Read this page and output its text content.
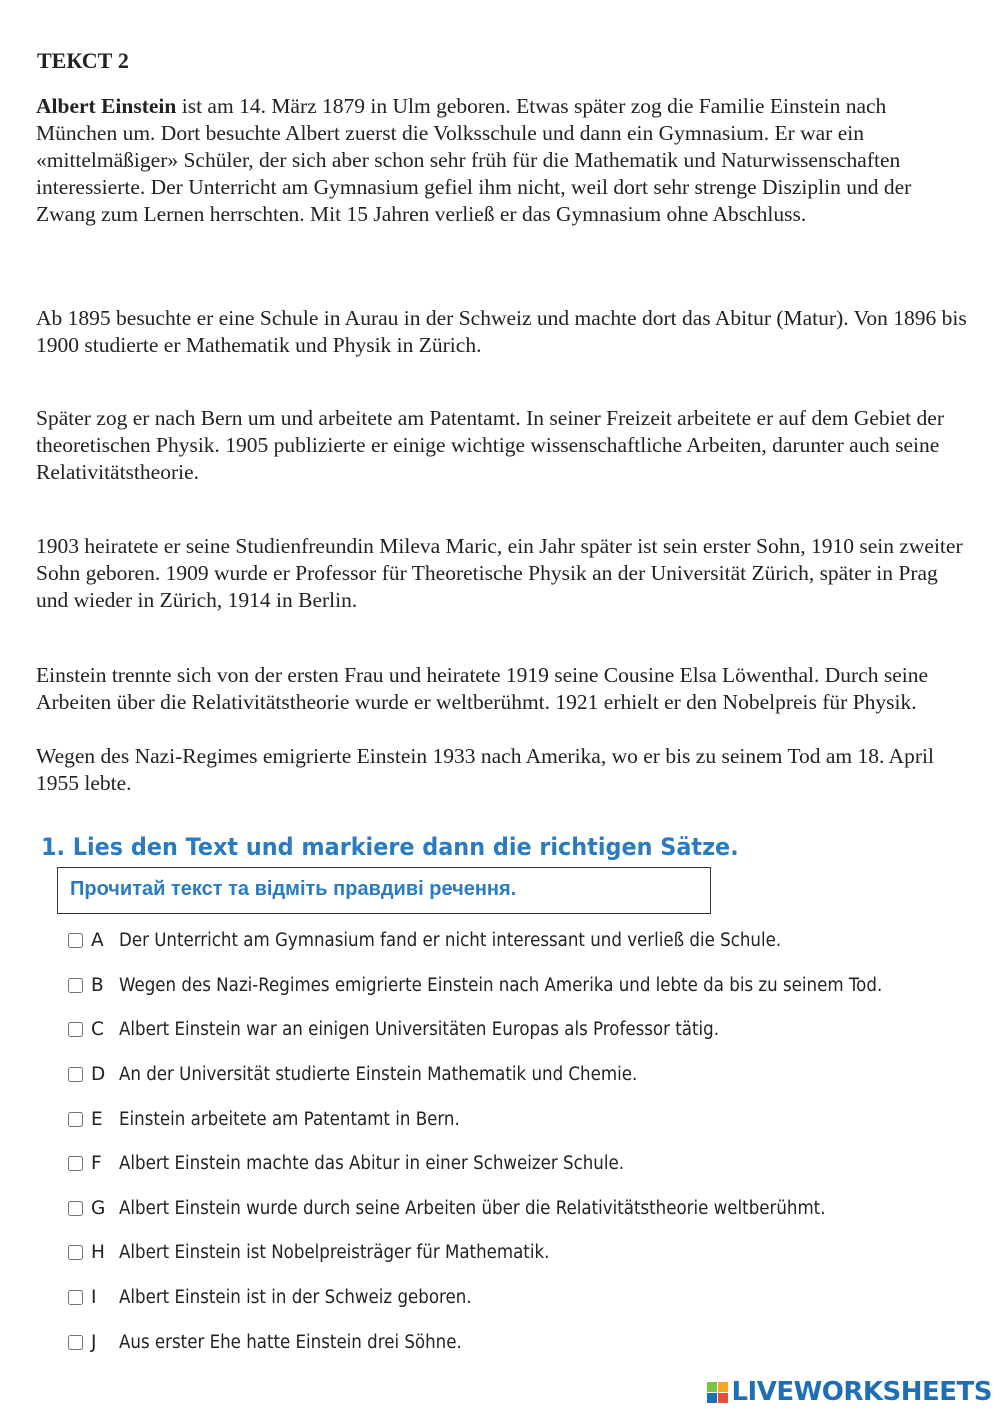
ТЕКСТ 2

Albert Einstein ist am 14. März 1879 in Ulm geboren. Etwas später zog die Familie Einstein nach München um. Dort besuchte Albert zuerst die Volksschule und dann ein Gymnasium. Er war ein «mittelmäßiger» Schüler, der sich aber schon sehr früh für die Mathematik und Naturwissenschaften interessierte. Der Unterricht am Gymnasium gefiel ihm nicht, weil dort sehr strenge Disziplin und der Zwang zum Lernen herrschten. Mit 15 Jahren verließ er das Gymnasium ohne Abschluss.

Ab 1895 besuchte er eine Schule in Aurau in der Schweiz und machte dort das Abitur (Matur). Von 1896 bis 1900 studierte er Mathematik und Physik in Zürich.

Später zog er nach Bern um und arbeitete am Patentamt. In seiner Freizeit arbeitete er auf dem Gebiet der theoretischen Physik. 1905 publizierte er einige wichtige wissenschaftliche Arbeiten, darunter auch seine Relativitätstheorie.

1903 heiratete er seine Studienfreundin Mileva Maric, ein Jahr später ist sein erster Sohn, 1910 sein zweiter Sohn geboren. 1909 wurde er Professor für Theoretische Physik an der Universität Zürich, später in Prag und wieder in Zürich, 1914 in Berlin.

Einstein trennte sich von der ersten Frau und heiratete 1919 seine Cousine Elsa Löwenthal. Durch seine Arbeiten über die Relativitätstheorie wurde er weltberühmt. 1921 erhielt er den Nobelpreis für Physik.

Wegen des Nazi-Regimes emigrierte Einstein 1933 nach Amerika, wo er bis zu seinem Tod am 18. April 1955 lebte.

1. Lies den Text und markiere dann die richtigen Sätze.
Прочитай текст та відміть правдиві речення.
A Der Unterricht am Gymnasium fand er nicht interessant und verließ die Schule.
B Wegen des Nazi-Regimes emigrierte Einstein nach Amerika und lebte da bis zu seinem Tod.
C Albert Einstein war an einigen Universitäten Europas als Professor tätig.
D An der Universität studierte Einstein Mathematik und Chemie.
E Einstein arbeitete am Patentamt in Bern.
F Albert Einstein machte das Abitur in einer Schweizer Schule.
G Albert Einstein wurde durch seine Arbeiten über die Relativitätstheorie weltberühmt.
H Albert Einstein ist Nobelpreisträger für Mathematik.
I	Albert Einstein ist in der Schweiz geboren.
J	Aus erster Ehe hatte Einstein drei Söhne.
LIVEWORKSHEETS
